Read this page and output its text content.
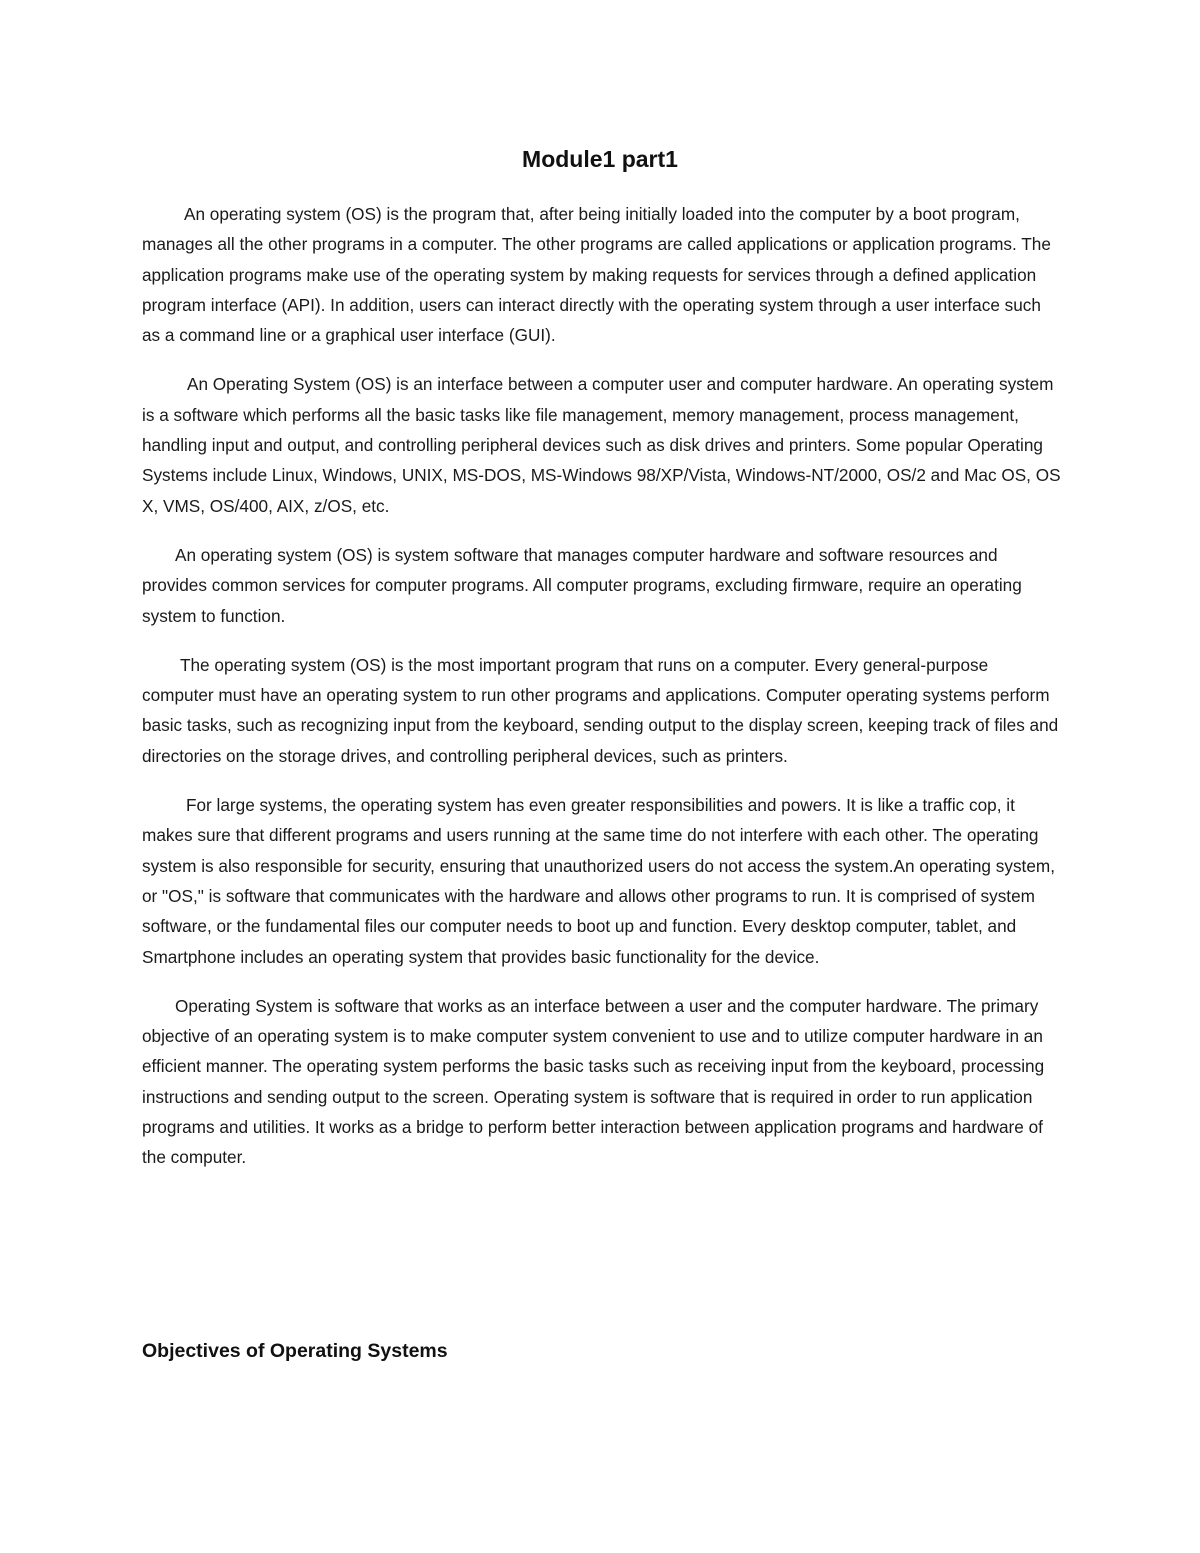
Module1 part1

An operating system (OS) is the program that, after being initially loaded into the computer by a boot program, manages all the other programs in a computer. The other programs are called applications or application programs. The application programs make use of the operating system by making requests for services through a defined application program interface (API). In addition, users can interact directly with the operating system through a user interface such as a command line or a graphical user interface (GUI).

An Operating System (OS) is an interface between a computer user and computer hardware. An operating system is a software which performs all the basic tasks like file management, memory management, process management, handling input and output, and controlling peripheral devices such as disk drives and printers. Some popular Operating Systems include Linux, Windows, UNIX, MS-DOS, MS-Windows 98/XP/Vista, Windows-NT/2000, OS/2 and Mac OS, OS X, VMS, OS/400, AIX, z/OS, etc.

An operating system (OS) is system software that manages computer hardware and software resources and provides common services for computer programs. All computer programs, excluding firmware, require an operating system to function.

The operating system (OS) is the most important program that runs on a computer. Every general-purpose computer must have an operating system to run other programs and applications. Computer operating systems perform basic tasks, such as recognizing input from the keyboard, sending output to the display screen, keeping track of files and directories on the storage drives, and controlling peripheral devices, such as printers.

For large systems, the operating system has even greater responsibilities and powers. It is like a traffic cop, it makes sure that different programs and users running at the same time do not interfere with each other. The operating system is also responsible for security, ensuring that unauthorized users do not access the system.An operating system, or "OS," is software that communicates with the hardware and allows other programs to run. It is comprised of system software, or the fundamental files our computer needs to boot up and function. Every desktop computer, tablet, and Smartphone includes an operating system that provides basic functionality for the device.

Operating System is software that works as an interface between a user and the computer hardware. The primary objective of an operating system is to make computer system convenient to use and to utilize computer hardware in an efficient manner. The operating system performs the basic tasks such as receiving input from the keyboard, processing instructions and sending output to the screen. Operating system is software that is required in order to run application programs and utilities. It works as a bridge to perform better interaction between application programs and hardware of the computer.

Objectives of Operating Systems
